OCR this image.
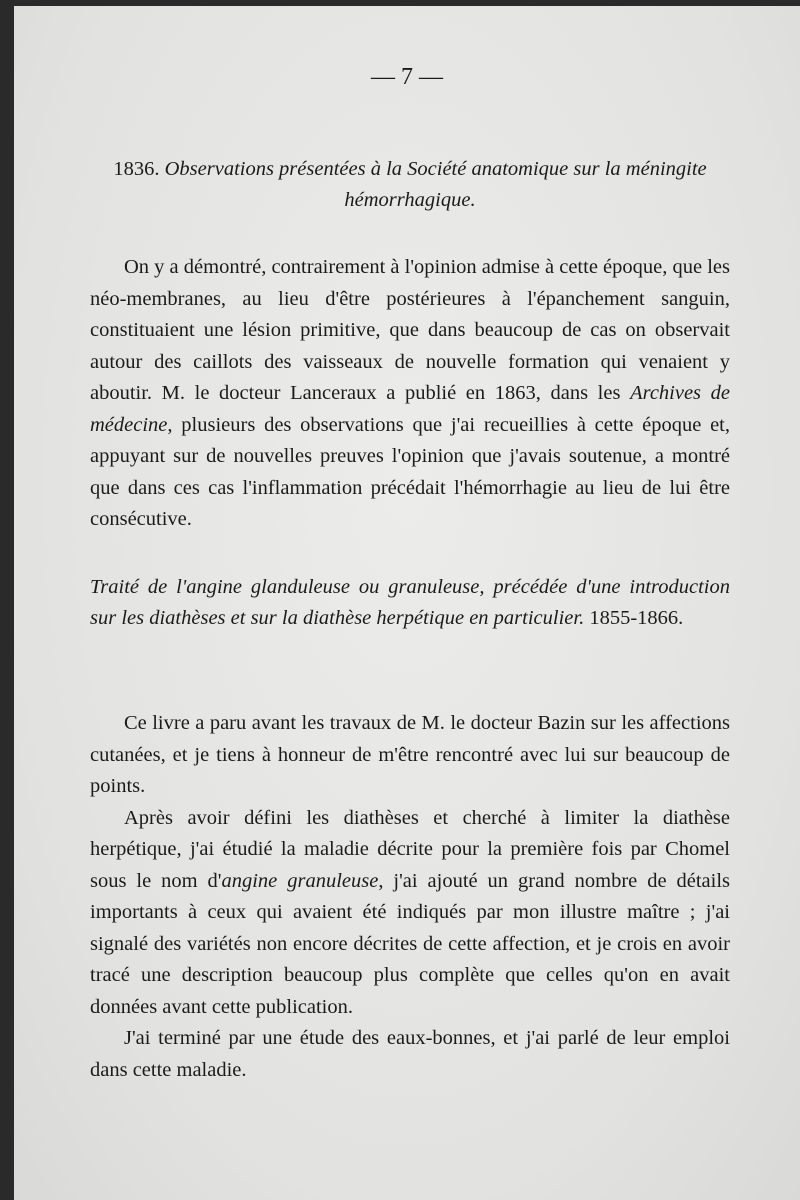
— 7 —

1836. Observations présentées à la Société anatomique sur la méningite hémorrhagique.

On y a démontré, contrairement à l'opinion admise à cette époque, que les néo-membranes, au lieu d'être postérieures à l'épanchement sanguin, constituaient une lésion primitive, que dans beaucoup de cas on observait autour des caillots des vaisseaux de nouvelle formation qui venaient y aboutir. M. le docteur Lanceraux a publié en 1863, dans les Archives de médecine, plusieurs des observations que j'ai recueillies à cette époque et, appuyant sur de nouvelles preuves l'opinion que j'avais soutenue, a montré que dans ces cas l'inflammation précédait l'hémorrhagie au lieu de lui être consécutive.

Traité de l'angine glanduleuse ou granuleuse, précédée d'une introduction sur les diathèses et sur la diathèse herpétique en particulier. 1855-1866.

Ce livre a paru avant les travaux de M. le docteur Bazin sur les affections cutanées, et je tiens à honneur de m'être rencontré avec lui sur beaucoup de points.

Après avoir défini les diathèses et cherché à limiter la diathèse herpétique, j'ai étudié la maladie décrite pour la première fois par Chomel sous le nom d'angine granuleuse, j'ai ajouté un grand nombre de détails importants à ceux qui avaient été indiqués par mon illustre maître ; j'ai signalé des variétés non encore décrites de cette affection, et je crois en avoir tracé une description beaucoup plus complète que celles qu'on en avait données avant cette publication.

J'ai terminé par une étude des eaux-bonnes, et j'ai parlé de leur emploi dans cette maladie.
